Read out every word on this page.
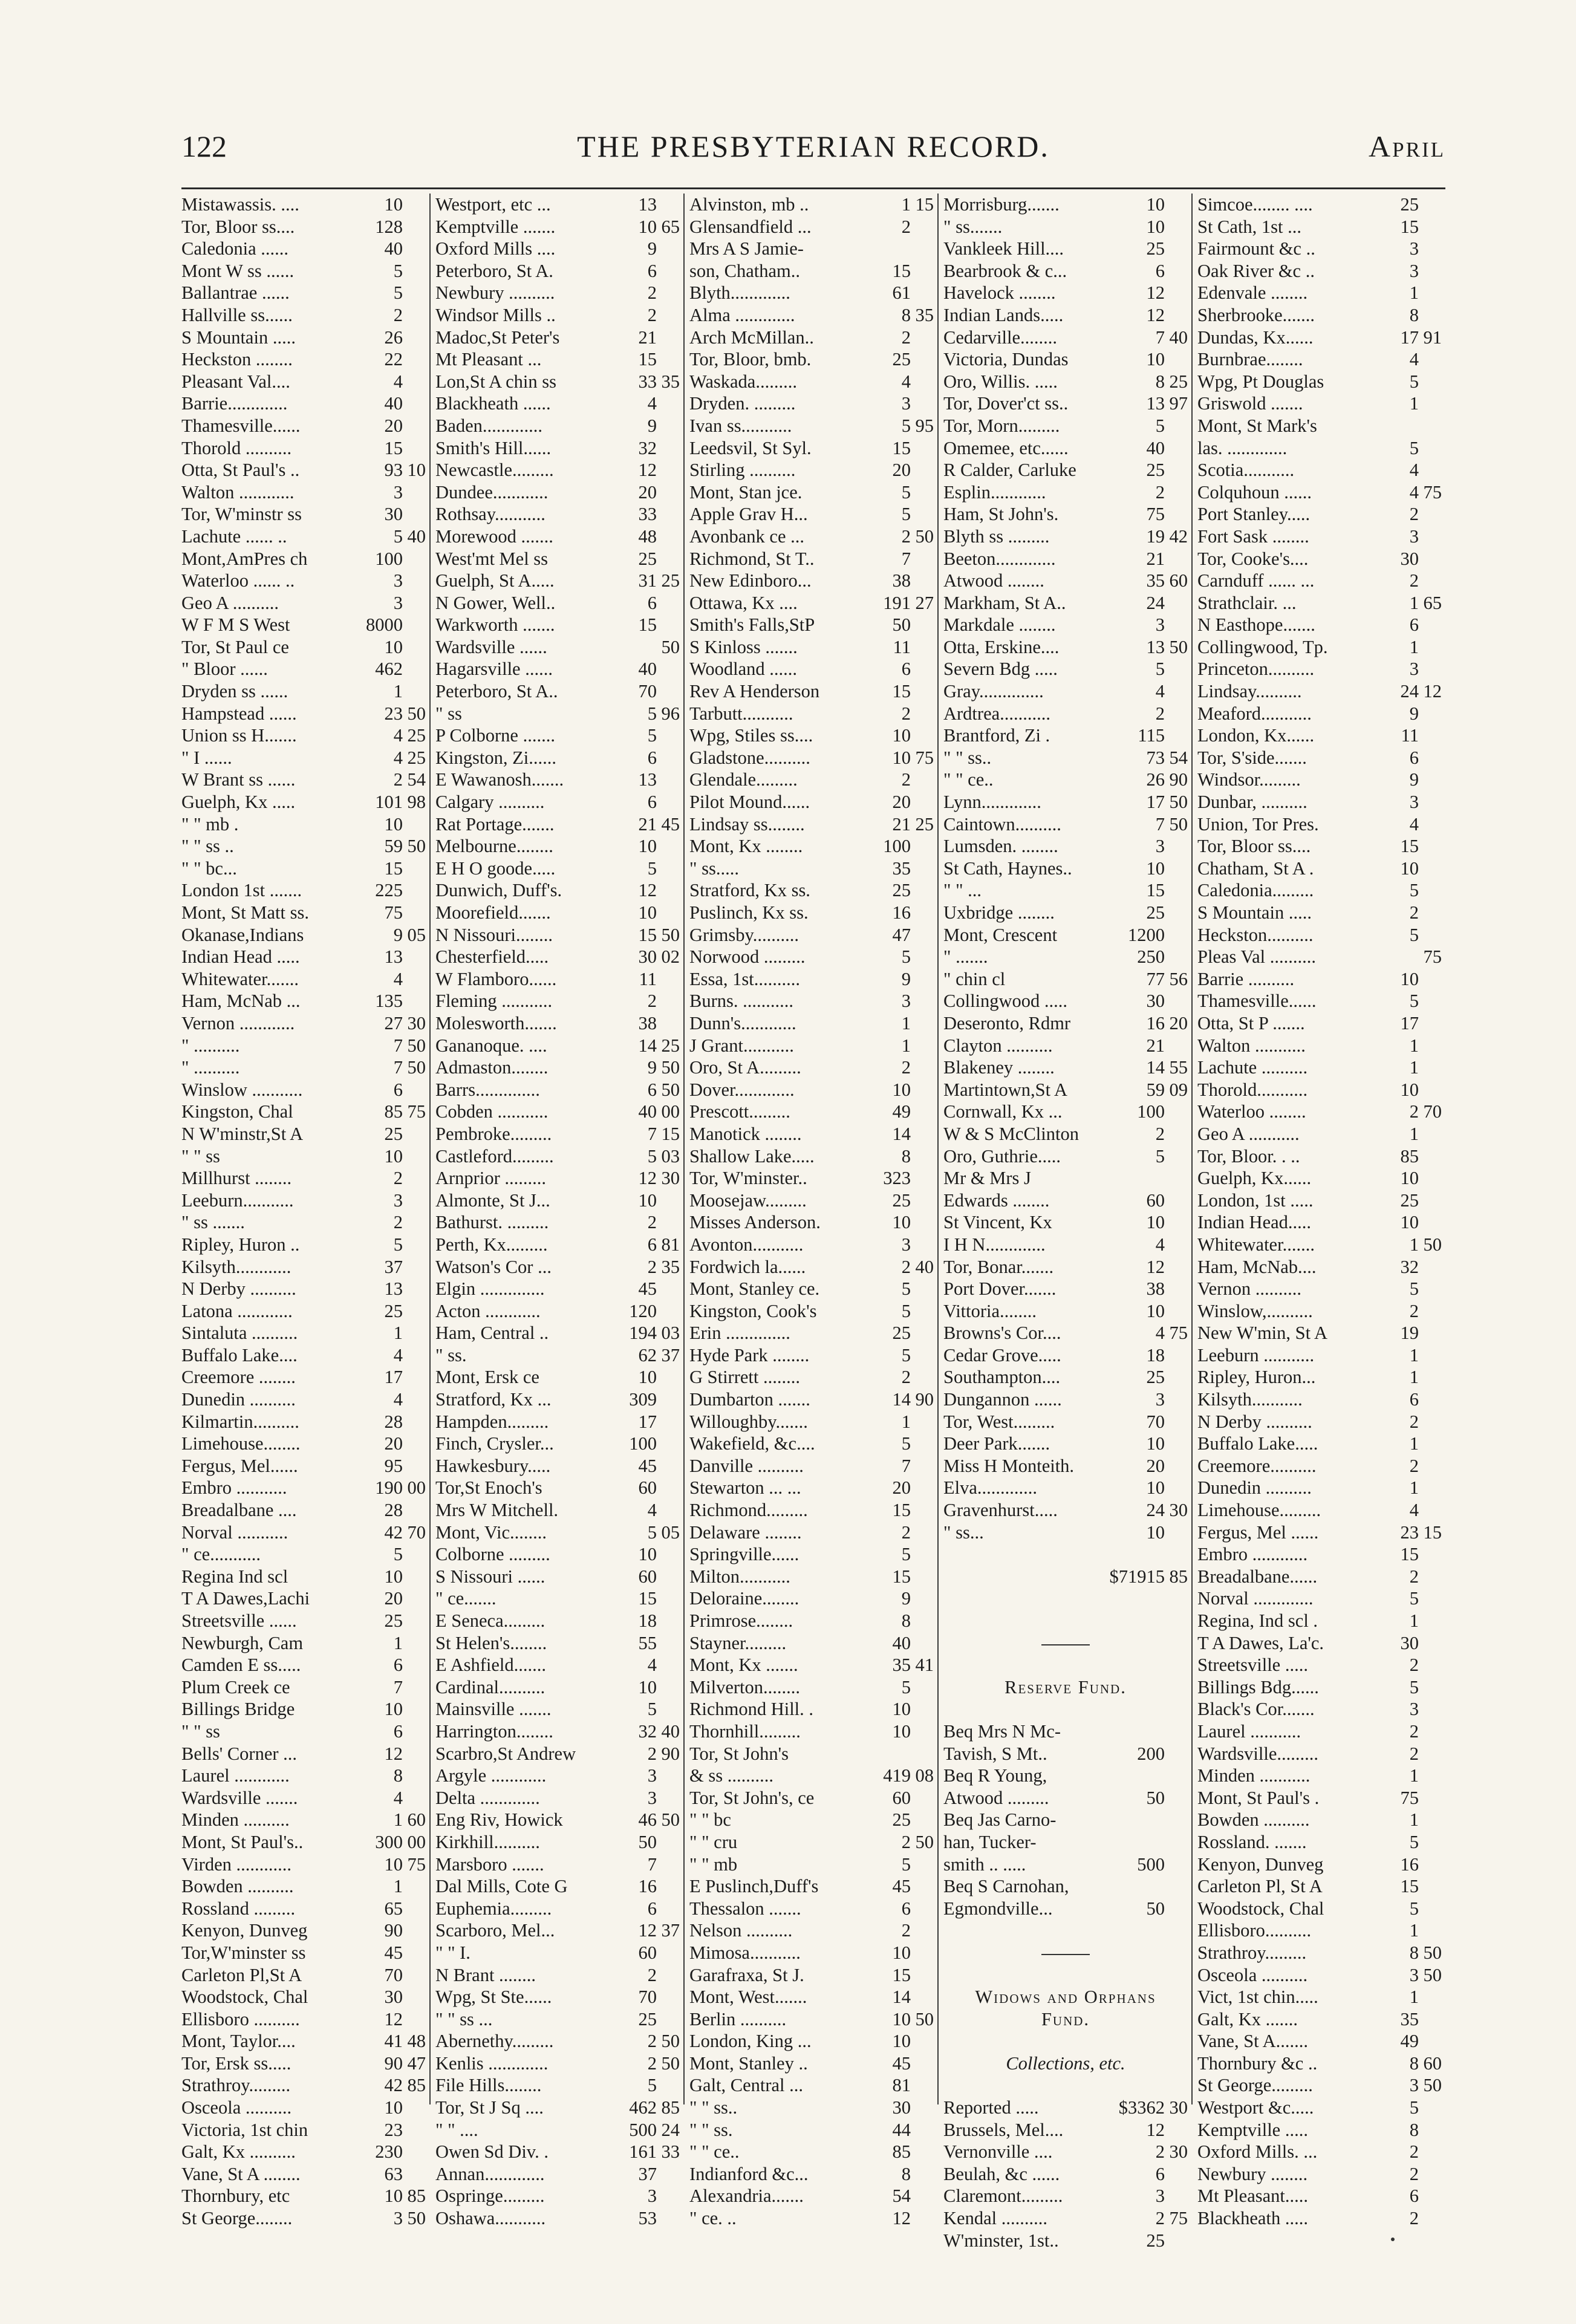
122	THE PRESBYTERIAN RECORD.	April
Mistawassis. ....	10
Tor, Bloor ss....	128
Caledonia ......	40
Mont W ss ......	5
Ballantrae ......	5
Hallville ss......	2
S Mountain .....	26
Heckston ........	22
Pleasant Val....	4
Barrie.............	40
Thamesville......	20
Thorold ..........	15
Otta, St Paul's ..	93 10
Walton ............	3
Tor, W'minstr ss	30
Lachute ...... ..	5 40
Mont,AmPres ch	100
Waterloo ...... ..	3
Geo A ..........	3
W F M S West	8000
Tor, St Paul ce	10
" Bloor ......	462
Dryden ss ......	1
Hampstead ......	23 50
Union ss H.......	4 25
" I ......	4 25
W Brant ss ......	2 54
Guelph, Kx .....	101 98
" " mb .	10
" " ss ..	59 50
" " bc...	15
London 1st .......	225
Mont, St Matt ss.	75
Okanase,Indians	9 05
Indian Head .....	13
Whitewater.......	4
Ham, McNab ...	135
Vernon ............	27 30
" ..........	7 50
" ..........	7 50
Winslow ...........	6
Kingston, Chal	85 75
N W'minstr,St A	25
" " ss	10
Millhurst ........	2
Leeburn...........	3
" ss .......	2
Ripley, Huron ..	5
Kilsyth............	37
N Derby ..........	13
Latona ............	25
Sintaluta ..........	1
Buffalo Lake....	4
Creemore ........	17
Dunedin ..........	4
Kilmartin..........	28
Limehouse........	20
Fergus, Mel......	95
Embro ...........	190 00
Breadalbane ....	28
Norval ...........	42 70
" ce...........	5
Regina Ind scl	10
T A Dawes,Lachi	20
Streetsville ......	25
Newburgh, Cam	1
Camden E ss.....	6
Plum Creek ce	7
Billings Bridge	10
" " ss	6
Bells' Corner ...	12
Laurel ............	8
Wardsville .......	4
Minden ..........	1 60
Mont, St Paul's..	300 00
Virden ............	10 75
Bowden ..........	1
Rossland .........	65
Kenyon, Dunveg	90
Tor,W'minster ss	45
Carleton Pl,St A	70
Woodstock, Chal	30
Ellisboro ..........	12
Mont, Taylor....	41 48
Tor, Ersk ss.....	90 47
Strathroy.........	42 85
Osceola ..........	10
Victoria, 1st chin	23
Galt, Kx ..........	230
Vane, St A ........	63
Thornbury, etc	10 85
St George........	3 50
Westport, etc ...	13
Kemptville .......	10 65
Oxford Mills ....	9
Peterboro, St A.	6
Newbury ..........	2
Windsor Mills ..	2
Madoc,St Peter's	21
Mt Pleasant ...	15
Lon,St A chin ss	33 35
Blackheath ......	4
Baden.............	9
Smith's Hill......	32
Newcastle.........	12
Dundee............	20
Rothsay...........	33
Morewood .......	48
West'mt Mel ss	25
Guelph, St A.....	31 25
N Gower, Well..	6
Warkworth .......	15
Wardsville ......	50
Hagarsville ......	40
Peterboro, St A..	70
" ss	5 96
P Colborne .......	5
Kingston, Zi......	6
E Wawanosh.......	13
Calgary ..........	6
Rat Portage.......	21 45
Melbourne........	10
E H O goode.....	5
Dunwich, Duff's.	12
Moorefield.......	10
N Nissouri........	15 50
Chesterfield.....	30 02
W Flamboro......	11
Fleming ...........	2
Molesworth.......	38
Gananoque. ....	14 25
Admaston........	9 50
Barrs..............	6 50
Cobden ...........	40 00
Pembroke.........	7 15
Castleford.........	5 03
Arnprior .........	12 30
Almonte, St J...	10
Bathurst. .........	2
Perth, Kx.........	6 81
Watson's Cor ...	2 35
Elgin ..............	45
Acton ............	120
Ham, Central ..	194 03
" ss.	62 37
Mont, Ersk ce	10
Stratford, Kx ...	309
Hampden.........	17
Finch, Crysler...	100
Hawkesbury.....	45
Tor,St Enoch's	60
Mrs W Mitchell.	4
Mont, Vic........	5 05
Colborne .........	10
S Nissouri ......	60
" ce.......	15
E Seneca.........	18
St Helen's........	55
E Ashfield.......	4
Cardinal..........	10
Mainsville .......	5
Harrington........	32 40
Scarbro,St Andrew	2 90
Argyle ............	3
Delta .............	3
Eng Riv, Howick	46 50
Kirkhill..........	50
Marsboro .......	7
Dal Mills, Cote G	16
Euphemia.........	6
Scarboro, Mel...	12 37
" " I.	60
N Brant ........	2
Wpg, St Ste......	70
" " ss ...	25
Abernethy.........	2 50
Kenlis .............	2 50
File Hills........	5
Tor, St J Sq ....	462 85
" " ....	500 24
Owen Sd Div. .	161 33
Annan.............	37
Ospringe.........	3
Oshawa...........	53
Alvinston, mb ..	1 15
Glensandfield ...	2
Mrs A S Jamie-
son, Chatham..	15
Blyth.............	61
Alma .............	8 35
Arch McMillan..	2
Tor, Bloor, bmb.	25
Waskada.........	4
Dryden. .........	3
Ivan ss...........	5 95
Leedsvil, St Syl.	15
Stirling ..........	20
Mont, Stan jce.	5
Apple Grav H...	5
Avonbank ce ...	2 50
Richmond, St T..	7
New Edinboro...	38
Ottawa, Kx ....	191 27
Smith's Falls,StP	50
S Kinloss .......	11
Woodland ......	6
Rev A Henderson	15
Tarbutt...........	2
Wpg, Stiles ss....	10
Gladstone..........	10 75
Glendale.........	2
Pilot Mound......	20
Lindsay ss........	21 25
Mont, Kx ........	100
" ss.....	35
Stratford, Kx ss.	25
Puslinch, Kx ss.	16
Grimsby..........	47
Norwood .........	5
Essa, 1st..........	9
Burns. ...........	3
Dunn's............	1
J Grant...........	1
Oro, St A.........	2
Dover.............	10
Prescott.........	49
Manotick ........	14
Shallow Lake.....	8
Tor, W'minster..	323
Moosejaw.........	25
Misses Anderson.	10
Avonton...........	3
Fordwich la......	2 40
Mont, Stanley ce.	5
Kingston, Cook's	5
Erin ..............	25
Hyde Park ........	5
G Stirrett ........	2
Dumbarton .......	14 90
Willoughby.......	1
Wakefield, &c....	5
Danville ..........	7
Stewarton ... ...	20
Richmond.........	15
Delaware ........	2
Springville......	5
Milton...........	15
Deloraine........	9
Primrose........	8
Stayner.........	40
Mont, Kx .......	35 41
Milverton........	5
Richmond Hill. .	10
Thornhill.........	10
Tor, St John's
& ss ..........	419 08
Tor, St John's, ce	60
" " bc	25
" " cru	2 50
" " mb	5
E Puslinch,Duff's	45
Thessalon .......	6
Nelson ..........	2
Mimosa...........	10
Garafraxa, St J.	15
Mont, West.......	14
Berlin ..........	10 50
London, King ...	10
Mont, Stanley ..	45
Galt, Central ...	81
" " ss..	30
" " ss.	44
" " ce..	85
Indianford &c...	8
Alexandria.......	54
" ce. ..	12
Morrisburg.......	10
" ss.......	10
Vankleek Hill....	25
Bearbrook & c...	6
Havelock ........	12
Indian Lands.....	12
Cedarville........	7 40
Victoria, Dundas	10
Oro, Willis. .....	8 25
Tor, Dover'ct ss..	13 97
Tor, Morn.........	5
Omemee, etc......	40
R Calder, Carluke	25
Esplin............	2
Ham, St John's.	75
Blyth ss .........	19 42
Beeton.............	21
Atwood ........	35 60
Markham, St A..	24
Markdale ........	3
Otta, Erskine....	13 50
Severn Bdg .....	5
Gray..............	4
Ardtrea...........	2
Brantford, Zi .	115
" " ss..	73 54
" " ce..	26 90
Lynn.............	17 50
Caintown..........	7 50
Lumsden. ........	3
St Cath, Haynes..	10
" " ...	15
Uxbridge ........	25
Mont, Crescent	1200
" .......	250
" chin cl	77 56
Collingwood .....	30
Deseronto, Rdmr	16 20
Clayton ..........	21
Blakeney ........	14 55
Martintown,St A	59 09
Cornwall, Kx ...	100
W & S McClinton	2
Oro, Guthrie.....	5
Mr & Mrs J
Edwards ........	60
St Vincent, Kx	10
I H N.............	4
Tor, Bonar.......	12
Port Dover.......	38
Vittoria........	10
Browns's Cor....	4 75
Cedar Grove.....	18
Southampton....	25
Dungannon ......	3
Tor, West.........	70
Deer Park.......	10
Miss H Monteith.	20
Elva.............	10
Gravenhurst.....	24 30
" ss...	10
$71915 85
Reserve Fund.
Beq Mrs N Mc-
Tavish, S Mt..	200
Beq R Young,
Atwood .........	50
Beq Jas Carno-
han, Tucker-
smith .. .....	500
Beq S Carnohan,
Egmondville...	50
Widows and Orphans
Fund.
Collections, etc.
Reported .....	$3362 30
Brussels, Mel....	12
Vernonville ....	2 30
Beulah, &c ......	6
Claremont.........	3
Kendal ..........	2 75
W'minster, 1st..	25
Simcoe........ ....	25
St Cath, 1st ...	15
Fairmount &c ..	3
Oak River &c ..	3
Edenvale ........	1
Sherbrooke.......	8
Dundas, Kx......	17 91
Burnbrae........	4
Wpg, Pt Douglas	5
Griswold .......	1
Mont, St Mark's
las. .............	5
Scotia...........	4
Colquhoun ......	4 75
Port Stanley.....	2
Fort Sask ........	3
Tor, Cooke's....	30
Carnduff ...... ...	2
Strathclair. ...	1 65
N Easthope.......	6
Collingwood, Tp.	1
Princeton..........	3
Lindsay..........	24 12
Meaford...........	9
London, Kx......	11
Tor, S'side.......	6
Windsor.........	9
Dunbar, ..........	3
Union, Tor Pres.	4
Tor, Bloor ss....	15
Chatham, St A .	10
Caledonia.........	5
S Mountain .....	2
Heckston..........	5
Pleas Val ..........	75
Barrie ..........	10
Thamesville......	5
Otta, St P .......	17
Walton ...........	1
Lachute ..........	1
Thorold...........	10
Waterloo ........	2 70
Geo A ...........	1
Tor, Bloor. . ..	85
Guelph, Kx......	10
London, 1st .....	25
Indian Head.....	10
Whitewater.......	1 50
Ham, McNab....	32
Vernon ..........	5
Winslow,..........	2
New W'min, St A	19
Leeburn ...........	1
Ripley, Huron...	1
Kilsyth...........	6
N Derby ..........	2
Buffalo Lake.....	1
Creemore..........	2
Dunedin ..........	1
Limehouse.........	4
Fergus, Mel ......	23 15
Embro ............	15
Breadalbane......	2
Norval .............	5
Regina, Ind scl .	1
T A Dawes, La'c.	30
Streetsville .....	2
Billings Bdg......	5
Black's Cor.......	3
Laurel ...........	2
Wardsville.........	2
Minden ...........	1
Mont, St Paul's .	75
Bowden ..........	1
Rossland. .......	5
Kenyon, Dunveg	16
Carleton Pl, St A	15
Woodstock, Chal	5
Ellisboro..........	1
Strathroy.........	8 50
Osceola ..........	3 50
Vict, 1st chin.....	1
Galt, Kx .......	35
Vane, St A.......	49
Thornbury &c ..	8 60
St George.........	3 50
Westport &c.....	5
Kemptville .....	8
Oxford Mills. ...	2
Newbury ........	2
Mt Pleasant.....	6
Blackheath .....	2
